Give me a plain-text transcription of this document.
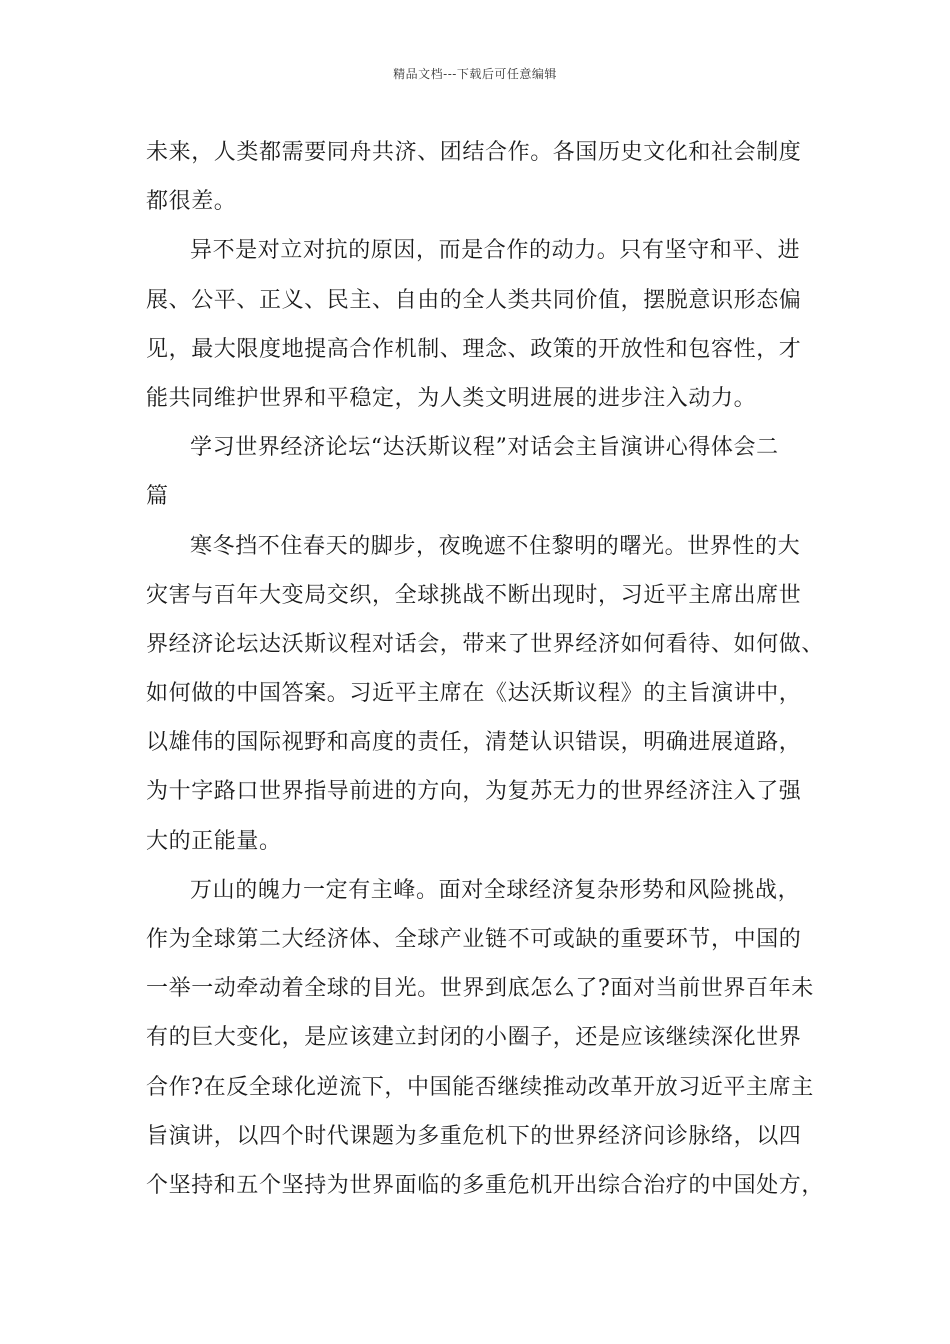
精品文档---下载后可任意编辑
未来，人类都需要同舟共济、团结合作。各国历史文化和社会制度
都很差。
异不是对立对抗的原因，而是合作的动力。只有坚守和平、进
展、公平、正义、民主、自由的全人类共同价值，摆脱意识形态偏
见，最大限度地提高合作机制、理念、政策的开放性和包容性，才
能共同维护世界和平稳定，为人类文明进展的进步注入动力。
学习世界经济论坛“达沃斯议程”对话会主旨演讲心得体会二
篇
寒冬挡不住春天的脚步，夜晚遮不住黎明的曙光。世界性的大
灾害与百年大变局交织，全球挑战不断出现时，习近平主席出席世
界经济论坛达沃斯议程对话会，带来了世界经济如何看待、如何做、
如何做的中国答案。习近平主席在《达沃斯议程》的主旨演讲中，
以雄伟的国际视野和高度的责任，清楚认识错误，明确进展道路，
为十字路口世界指导前进的方向，为复苏无力的世界经济注入了强
大的正能量。
万山的魄力一定有主峰。面对全球经济复杂形势和风险挑战，
作为全球第二大经济体、全球产业链不可或缺的重要环节，中国的
一举一动牵动着全球的目光。世界到底怎么了?面对当前世界百年未
有的巨大变化，是应该建立封闭的小圈子，还是应该继续深化世界
合作?在反全球化逆流下，中国能否继续推动改革开放习近平主席主
旨演讲，以四个时代课题为多重危机下的世界经济问诊脉络，以四
个坚持和五个坚持为世界面临的多重危机开出综合治疗的中国处方，
